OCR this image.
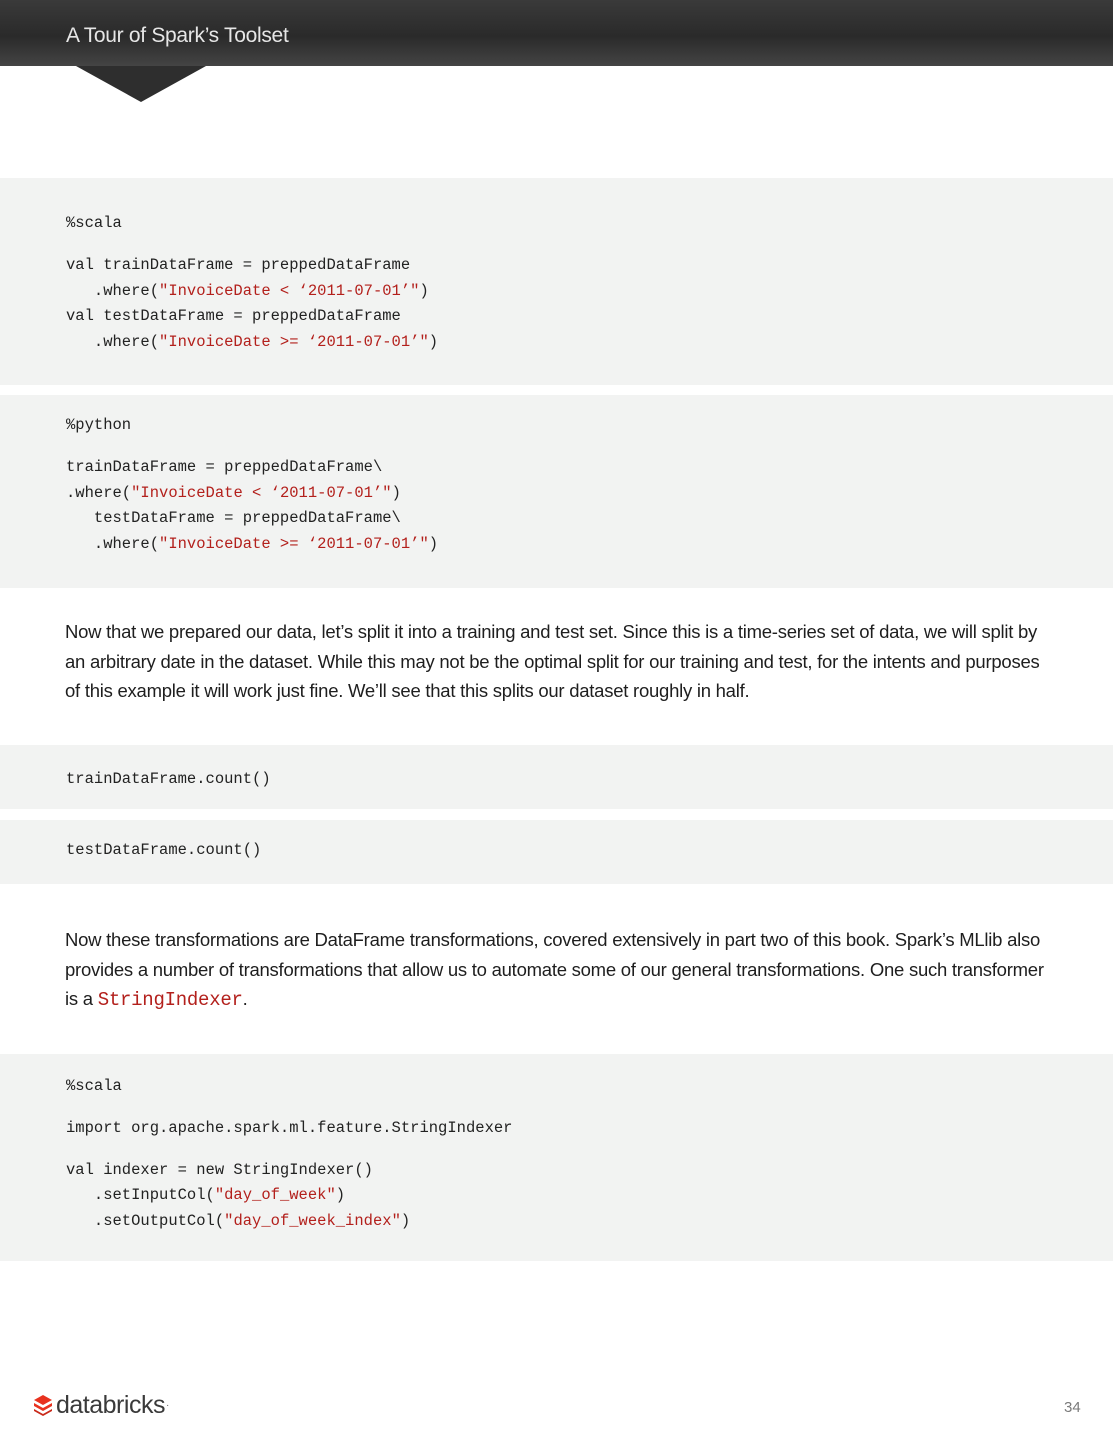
A Tour of Spark’s Toolset
%scala
val trainDataFrame = preppedDataFrame
.where("InvoiceDate < ‘2011-07-01’")
val testDataFrame = preppedDataFrame
.where("InvoiceDate >= ‘2011-07-01’")
%python
trainDataFrame = preppedDataFrame\
.where("InvoiceDate < ‘2011-07-01’")
testDataFrame = preppedDataFrame\
.where("InvoiceDate >= ‘2011-07-01’")
Now that we prepared our data, let’s split it into a training and test set. Since this is a time-series set of data, we will split by an arbitrary date in the dataset. While this may not be the optimal split for our training and test, for the intents and purposes of this example it will work just fine. We’ll see that this splits our dataset roughly in half.
trainDataFrame.count()
testDataFrame.count()
Now these transformations are DataFrame transformations, covered extensively in part two of this book. Spark’s MLlib also provides a number of transformations that allow us to automate some of our general transformations. One such transformer is a StringIndexer.
%scala
import org.apache.spark.ml.feature.StringIndexer
val indexer = new StringIndexer()
.setInputCol("day_of_week")
.setOutputCol("day_of_week_index")
databricks ·	34
